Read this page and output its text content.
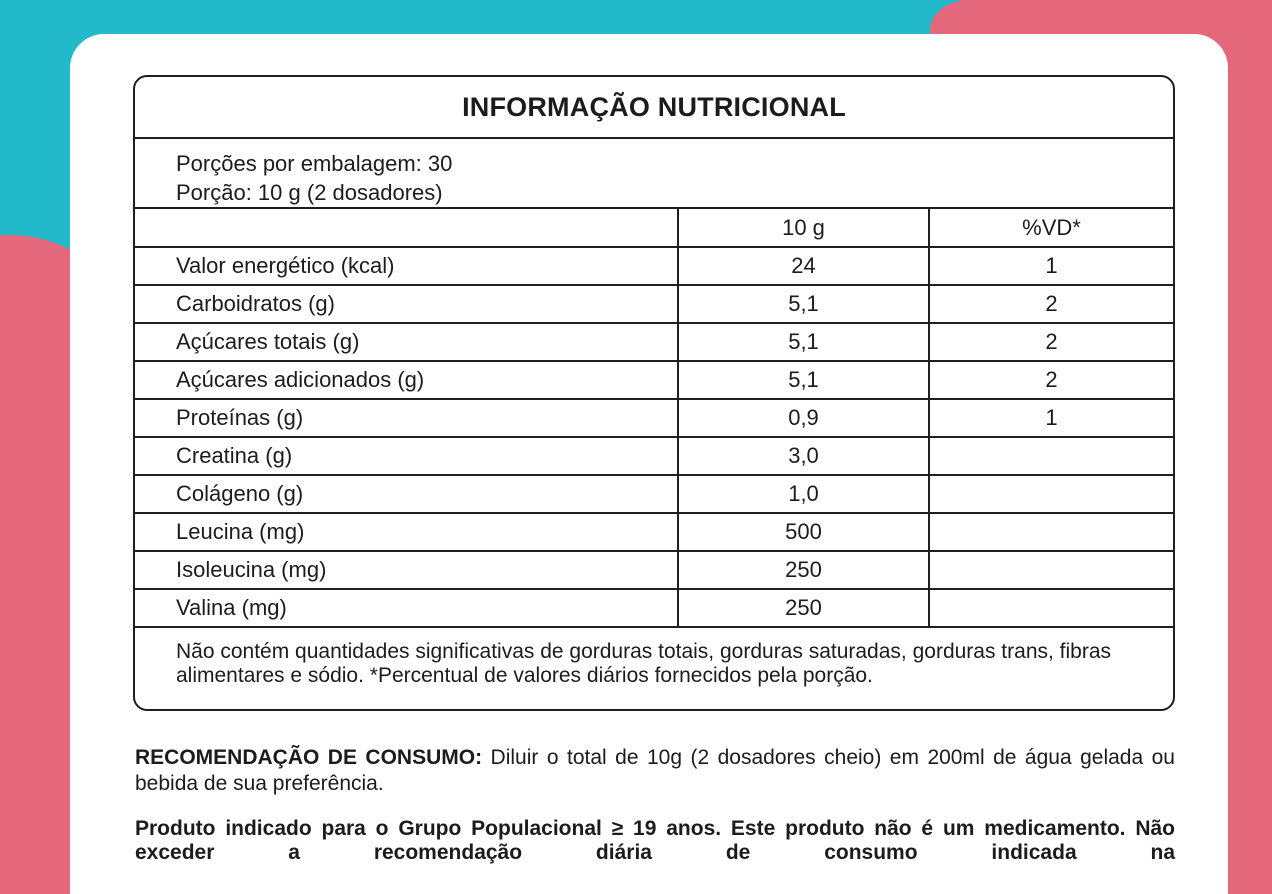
INFORMAÇÃO NUTRICIONAL
Porções por embalagem: 30
Porção: 10 g (2 dosadores)
	10 g	%VD*
Valor energético (kcal)	24	1
Carboidratos (g)	5,1	2
Açúcares totais (g)	5,1	2
Açúcares adicionados (g)	5,1	2
Proteínas (g)	0,9	1
Creatina (g)	3,0	
Colágeno (g)	1,0	
Leucina (mg)	500	
Isoleucina (mg)	250	
Valina (mg)	250	
Não contém quantidades significativas de gorduras totais, gorduras saturadas, gorduras trans, fibras alimentares e sódio. *Percentual de valores diários fornecidos pela porção.
RECOMENDAÇÃO DE CONSUMO: Diluir o total de 10g (2 dosadores cheio) em 200ml de água gelada ou bebida de sua preferência.
Produto indicado para o Grupo Populacional ≥ 19 anos. Este produto não é um medicamento. Não exceder a recomendação diária de consumo indicada na
